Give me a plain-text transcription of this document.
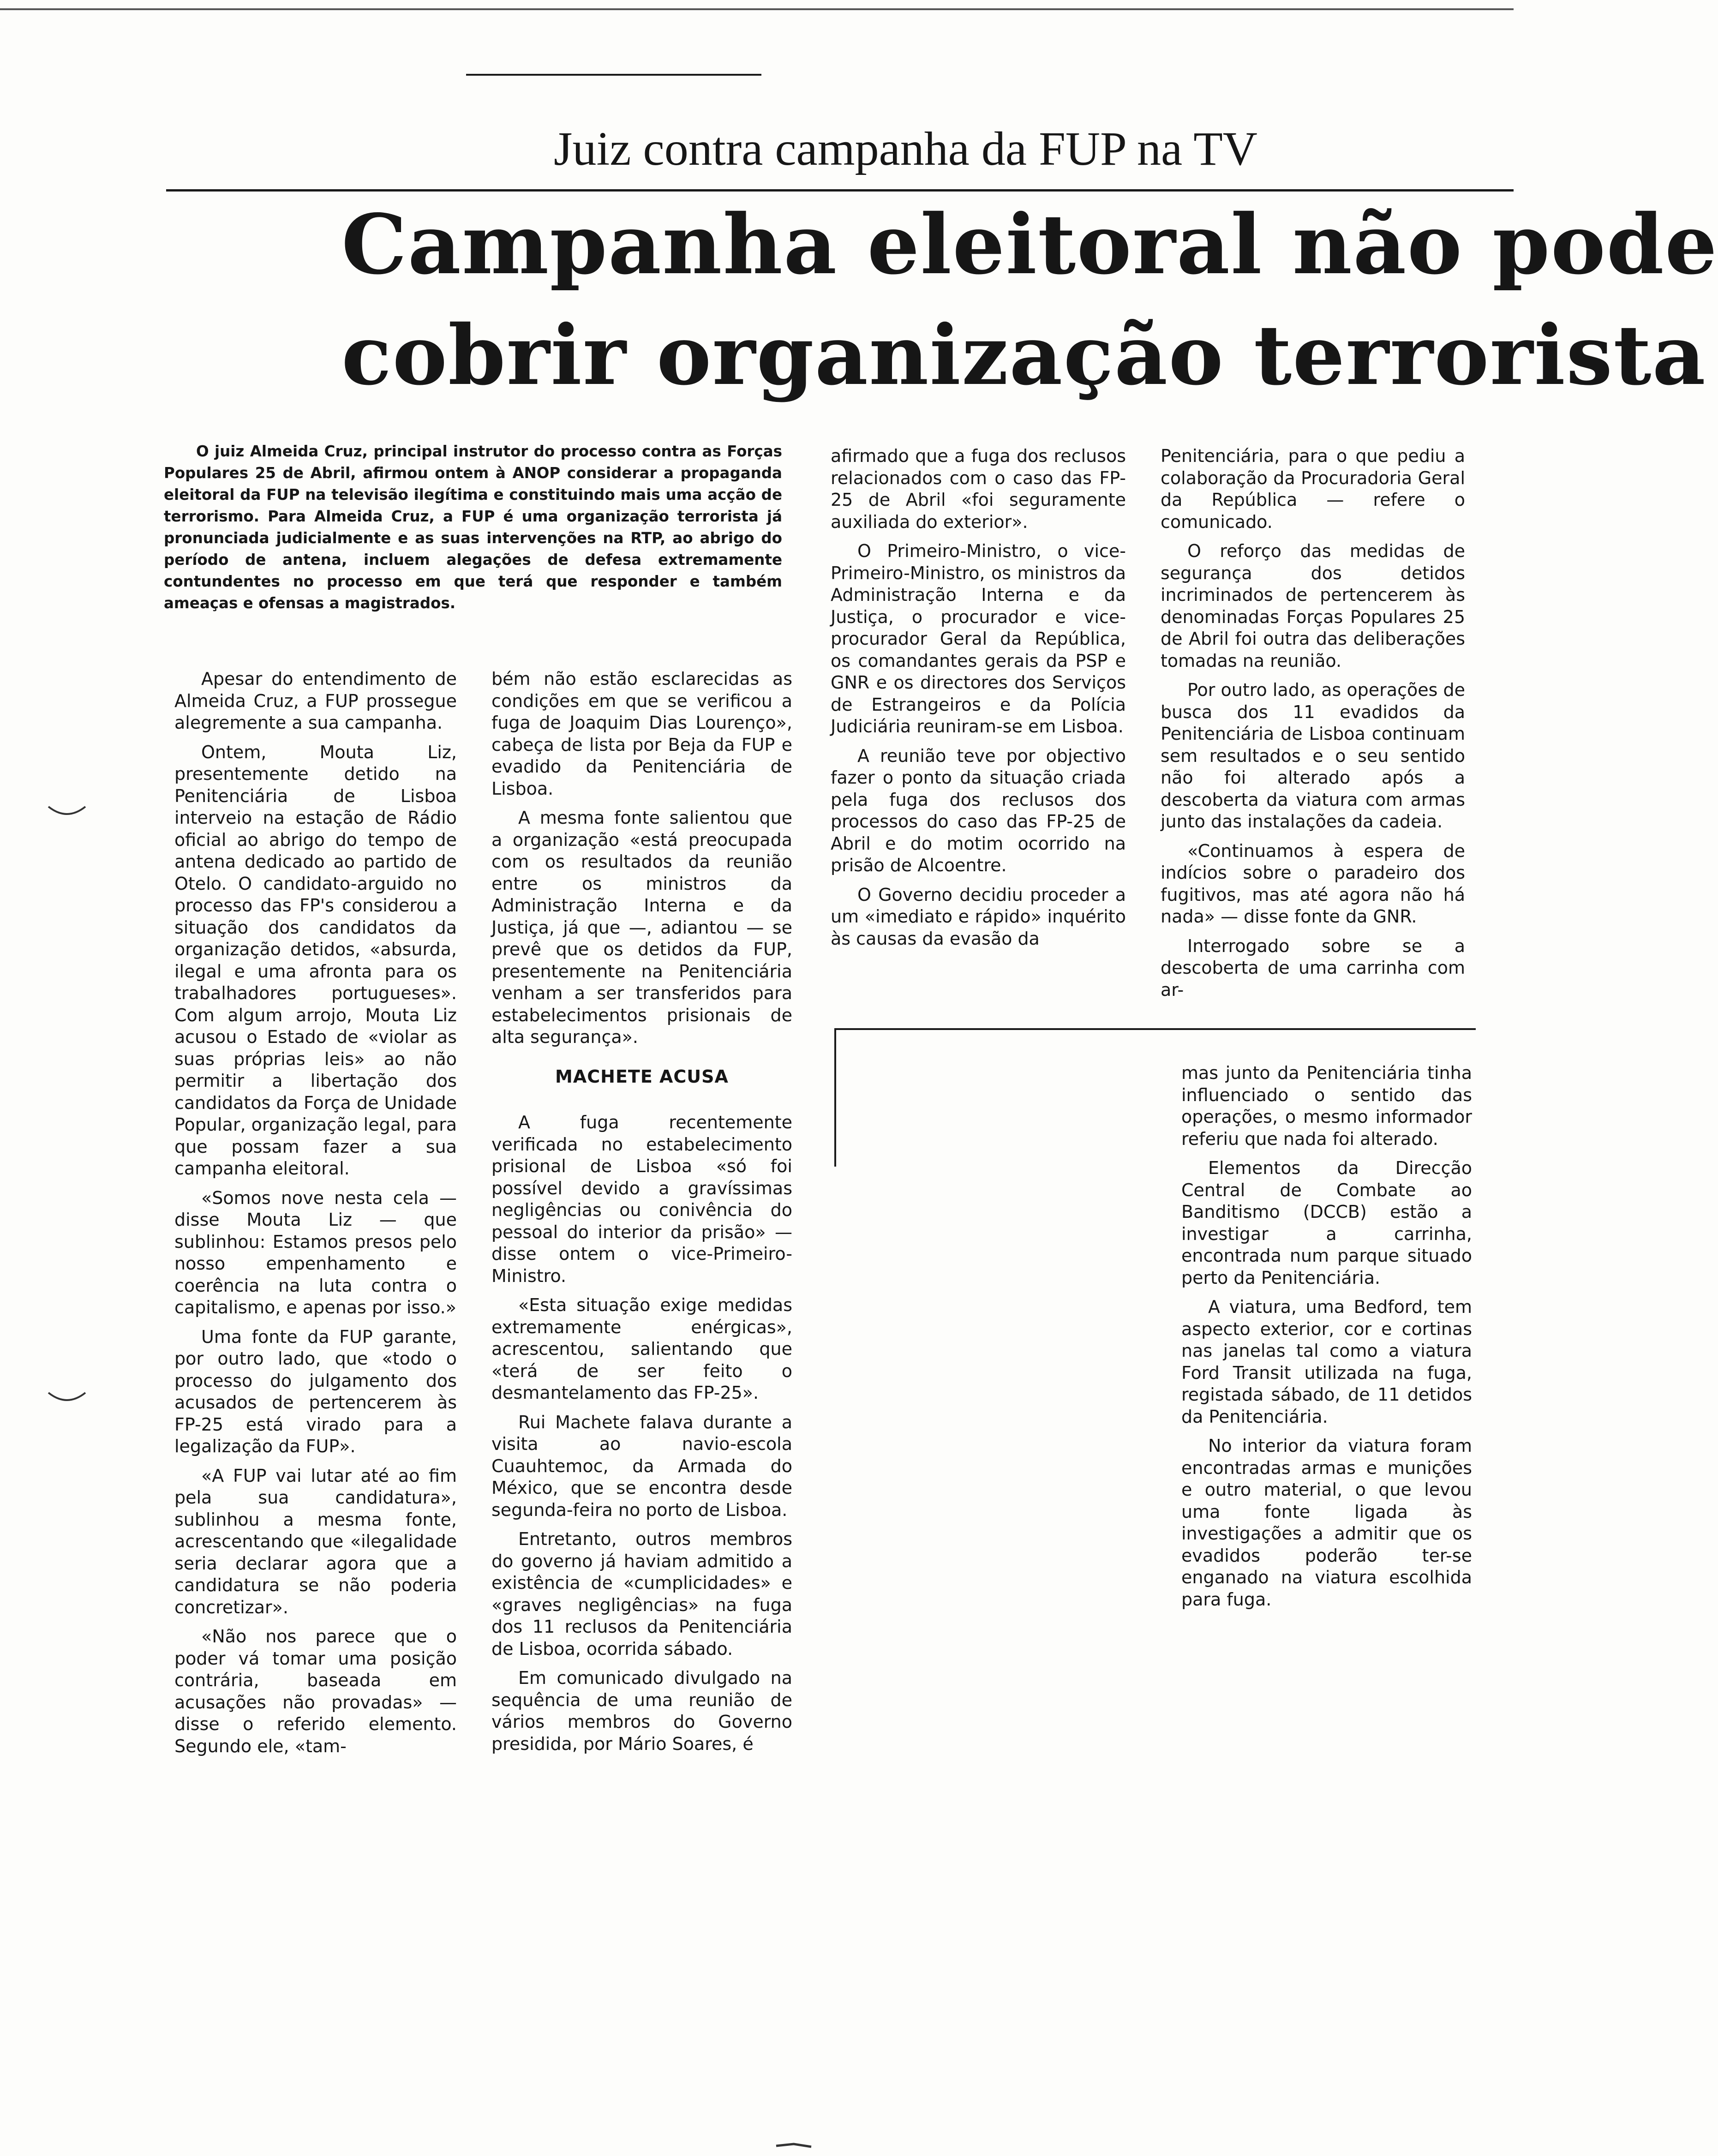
Juiz contra campanha da FUP na TV
Campanha eleitoral não pode
cobrir organização terrorista
O juiz Almeida Cruz, principal instrutor do processo contra as Forças Populares 25 de Abril, afirmou ontem à ANOP considerar a propaganda eleitoral da FUP na televisão ilegítima e constituindo mais uma acção de terrorismo. Para Almeida Cruz, a FUP é uma organização terrorista já pronunciada judicialmente e as suas intervenções na RTP, ao abrigo do período de antena, incluem alegações de defesa extremamente contundentes no processo em que terá que responder e também ameaças e ofensas a magistrados.

Apesar do entendimento de Almeida Cruz, a FUP prossegue alegremente a sua campanha.

Ontem, Mouta Liz, presentemente detido na Penitenciária de Lisboa interveio na estação de Rádio oficial ao abrigo do tempo de antena dedicado ao partido de Otelo. O candidato-arguido no processo das FP's considerou a situação dos candidatos da organização detidos, «absurda, ilegal e uma afronta para os trabalhadores portugueses». Com algum arrojo, Mouta Liz acusou o Estado de «violar as suas próprias leis» ao não permitir a libertação dos candidatos da Força de Unidade Popular, organização legal, para que possam fazer a sua campanha eleitoral.

«Somos nove nesta cela — disse Mouta Liz — que sublinhou: Estamos presos pelo nosso empenhamento e coerência na luta contra o capitalismo, e apenas por isso.»

Uma fonte da FUP garante, por outro lado, que «todo o processo do julgamento dos acusados de pertencerem às FP-25 está virado para a legalização da FUP».

«A FUP vai lutar até ao fim pela sua candidatura», sublinhou a mesma fonte, acrescentando que «ilegalidade seria declarar agora que a candidatura se não poderia concretizar».

«Não nos parece que o poder vá tomar uma posição contrária, baseada em acusações não provadas» — disse o referido elemento. Segundo ele, «tam-

bém não estão esclarecidas as condições em que se verificou a fuga de Joaquim Dias Lourenço», cabeça de lista por Beja da FUP e evadido da Penitenciária de Lisboa.

A mesma fonte salientou que a organização «está preocupada com os resultados da reunião entre os ministros da Administração Interna e da Justiça, já que —, adiantou — se prevê que os detidos da FUP, presentemente na Penitenciária venham a ser transferidos para estabelecimentos prisionais de alta segurança».

MACHETE ACUSA

A fuga recentemente verificada no estabelecimento prisional de Lisboa «só foi possível devido a gravíssimas negligências ou conivência do pessoal do interior da prisão» — disse ontem o vice-Primeiro-Ministro.

«Esta situação exige medidas extremamente enérgicas», acrescentou, salientando que «terá de ser feito o desmantelamento das FP-25».

Rui Machete falava durante a visita ao navio-escola Cuauhtemoc, da Armada do México, que se encontra desde segunda-feira no porto de Lisboa.

Entretanto, outros membros do governo já haviam admitido a existência de «cumplicidades» e «graves negligências» na fuga dos 11 reclusos da Penitenciária de Lisboa, ocorrida sábado.

Em comunicado divulgado na sequência de uma reunião de vários membros do Governo presidida, por Mário Soares, é

afirmado que a fuga dos reclusos relacionados com o caso das FP-25 de Abril «foi seguramente auxiliada do exterior».

O Primeiro-Ministro, o vice-Primeiro-Ministro, os ministros da Administração Interna e da Justiça, o procurador e vice-procurador Geral da República, os comandantes gerais da PSP e GNR e os directores dos Serviços de Estrangeiros e da Polícia Judiciária reuniram-se em Lisboa.

A reunião teve por objectivo fazer o ponto da situação criada pela fuga dos reclusos dos processos do caso das FP-25 de Abril e do motim ocorrido na prisão de Alcoentre.

O Governo decidiu proceder a um «imediato e rápido» inquérito às causas da evasão da

Penitenciária, para o que pediu a colaboração da Procuradoria Geral da República — refere o comunicado.

O reforço das medidas de segurança dos detidos incriminados de pertencerem às denominadas Forças Populares 25 de Abril foi outra das deliberações tomadas na reunião.

Por outro lado, as operações de busca dos 11 evadidos da Penitenciária de Lisboa continuam sem resultados e o seu sentido não foi alterado após a descoberta da viatura com armas junto das instalações da cadeia.

«Continuamos à espera de indícios sobre o paradeiro dos fugitivos, mas até agora não há nada» — disse fonte da GNR.

Interrogado sobre se a descoberta de uma carrinha com ar-

mas junto da Penitenciária tinha influenciado o sentido das operações, o mesmo informador referiu que nada foi alterado.

Elementos da Direcção Central de Combate ao Banditismo (DCCB) estão a investigar a carrinha, encontrada num parque situado perto da Penitenciária.

A viatura, uma Bedford, tem aspecto exterior, cor e cortinas nas janelas tal como a viatura Ford Transit utilizada na fuga, registada sábado, de 11 detidos da Penitenciária.

No interior da viatura foram encontradas armas e munições e outro material, o que levou uma fonte ligada às investigações a admitir que os evadidos poderão ter-se enganado na viatura escolhida para fuga.
